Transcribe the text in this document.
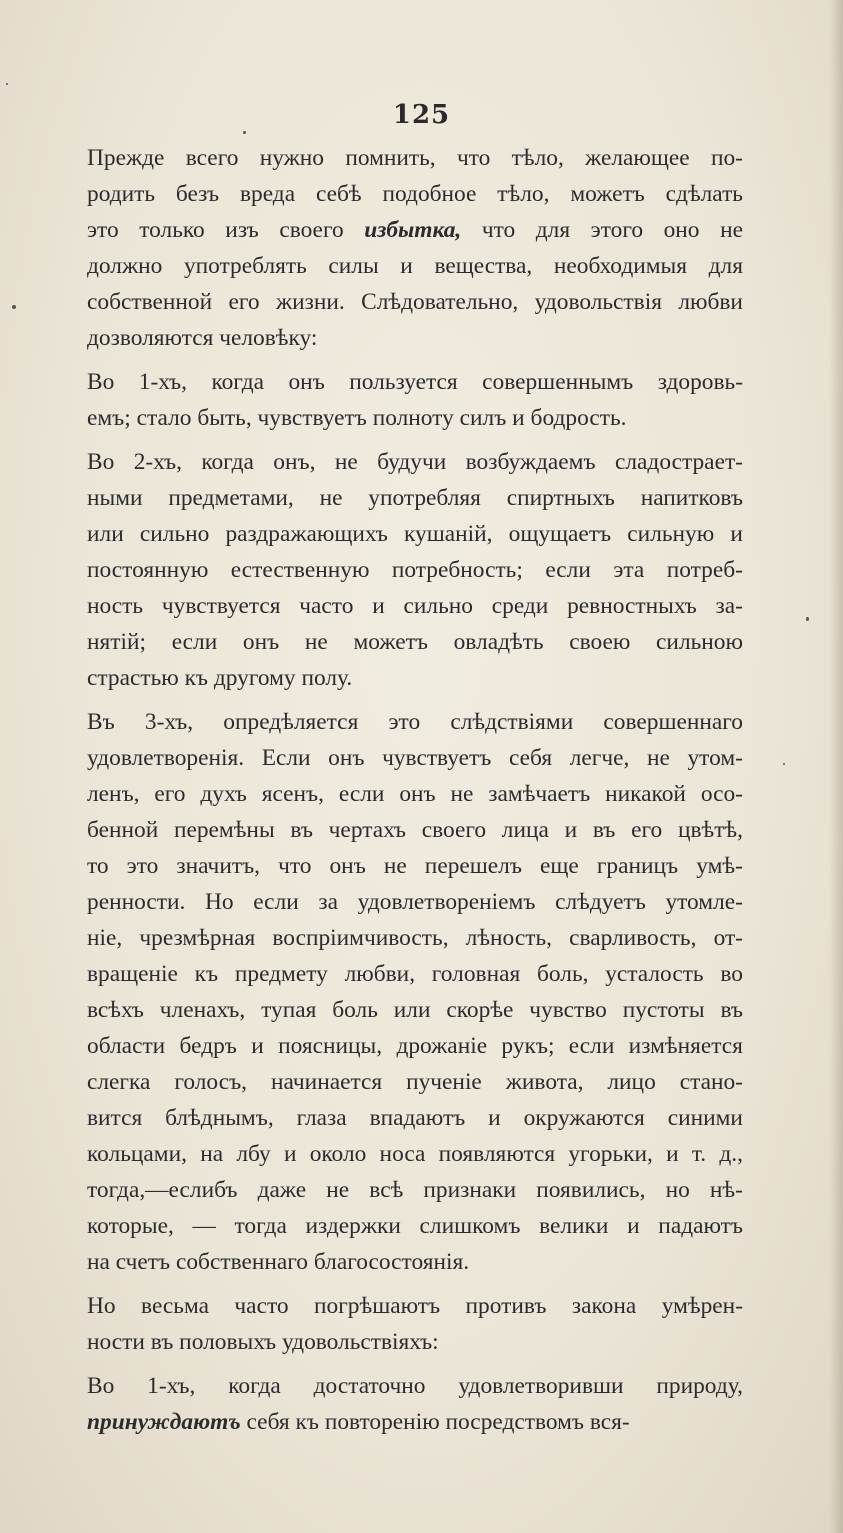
125
Прежде всего нужно помнить, что тѣло, желающее по-
родить безъ вреда себѣ подобное тѣло, можетъ сдѣлать
это только изъ своего избытка, что для этого оно не
должно употреблять силы и вещества, необходимыя для
собственной его жизни. Слѣдовательно, удовольствія любви
дозволяются человѣку:
Во 1-хъ, когда онъ пользуется совершеннымъ здоровь-
емъ; стало быть, чувствуетъ полноту силъ и бодрость.
Во 2-хъ, когда онъ, не будучи возбуждаемъ сладострает-
ными предметами, не употребляя спиртныхъ напитковъ
или сильно раздражающихъ кушаній, ощущаетъ сильную и
постоянную естественную потребность; если эта потреб-
ность чувствуется часто и сильно среди ревностныхъ за-
нятій; если онъ не можетъ овладѣть своею сильною
страстью къ другому полу.
Въ 3-хъ, опредѣляется это слѣдствіями совершеннаго
удовлетворенія. Если онъ чувствуетъ себя легче, не утом-
ленъ, его духъ ясенъ, если онъ не замѣчаетъ никакой осо-
бенной перемѣны въ чертахъ своего лица и въ его цвѣтѣ,
то это значитъ, что онъ не перешелъ еще границъ умѣ-
ренности. Но если за удовлетвореніемъ слѣдуетъ утомле-
ніе, чрезмѣрная воспріимчивость, лѣность, сварливость, от-
вращеніе къ предмету любви, головная боль, усталость во
всѣхъ членахъ, тупая боль или скорѣе чувство пустоты въ
области бедръ и поясницы, дрожаніе рукъ; если измѣняется
слегка голосъ, начинается пученіе живота, лицо стано-
вится блѣднымъ, глаза впадаютъ и окружаются синими
кольцами, на лбу и около носа появляются угорьки, и т. д.,
тогда,—еслибъ даже не всѣ признаки появились, но нѣ-
которые, — тогда издержки слишкомъ велики и падаютъ
на счетъ собственнаго благосостоянія.
Но весьма часто погрѣшаютъ противъ закона умѣрен-
ности въ половыхъ удовольствіяхъ:
Во 1-хъ, когда достаточно удовлетворивши природу,
принуждаютъ себя къ повторенію посредствомъ вся-
